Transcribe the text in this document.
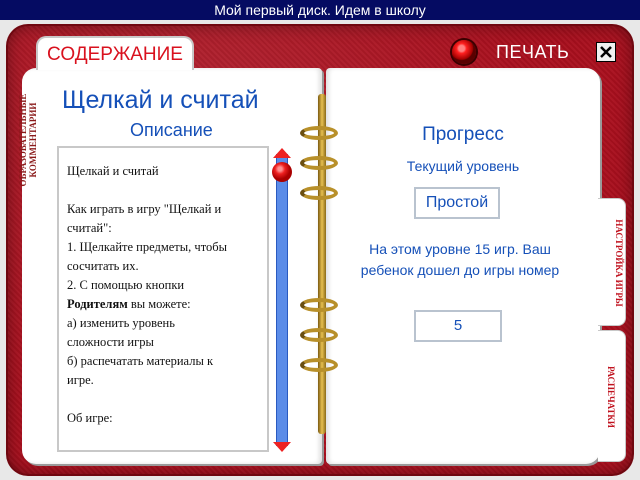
Мой первый диск. Идем в школу
СОДЕРЖАНИЕ	ПЕЧАТЬ
ОБРАЗОВАТЕЛЬНЫЕ КОММЕНТАРИИ
Щелкай и считай
Описание
Щелкай и считай

Как играть в игру "Щелкай и
считай":
1. Щелкайте предметы, чтобы
сосчитать их.
2. С помощью кнопки
Родителям вы можете:
а) изменить уровень
сложности игры
б) распечатать материалы к
игре.

Об игре:
Прогресс
Текущий уровень
Простой
На этом уровне 15 игр. Ваш ребенок дошел до игры номер
5
НАСТРОЙКА ИГРЫ
РАСПЕЧАТКИ
